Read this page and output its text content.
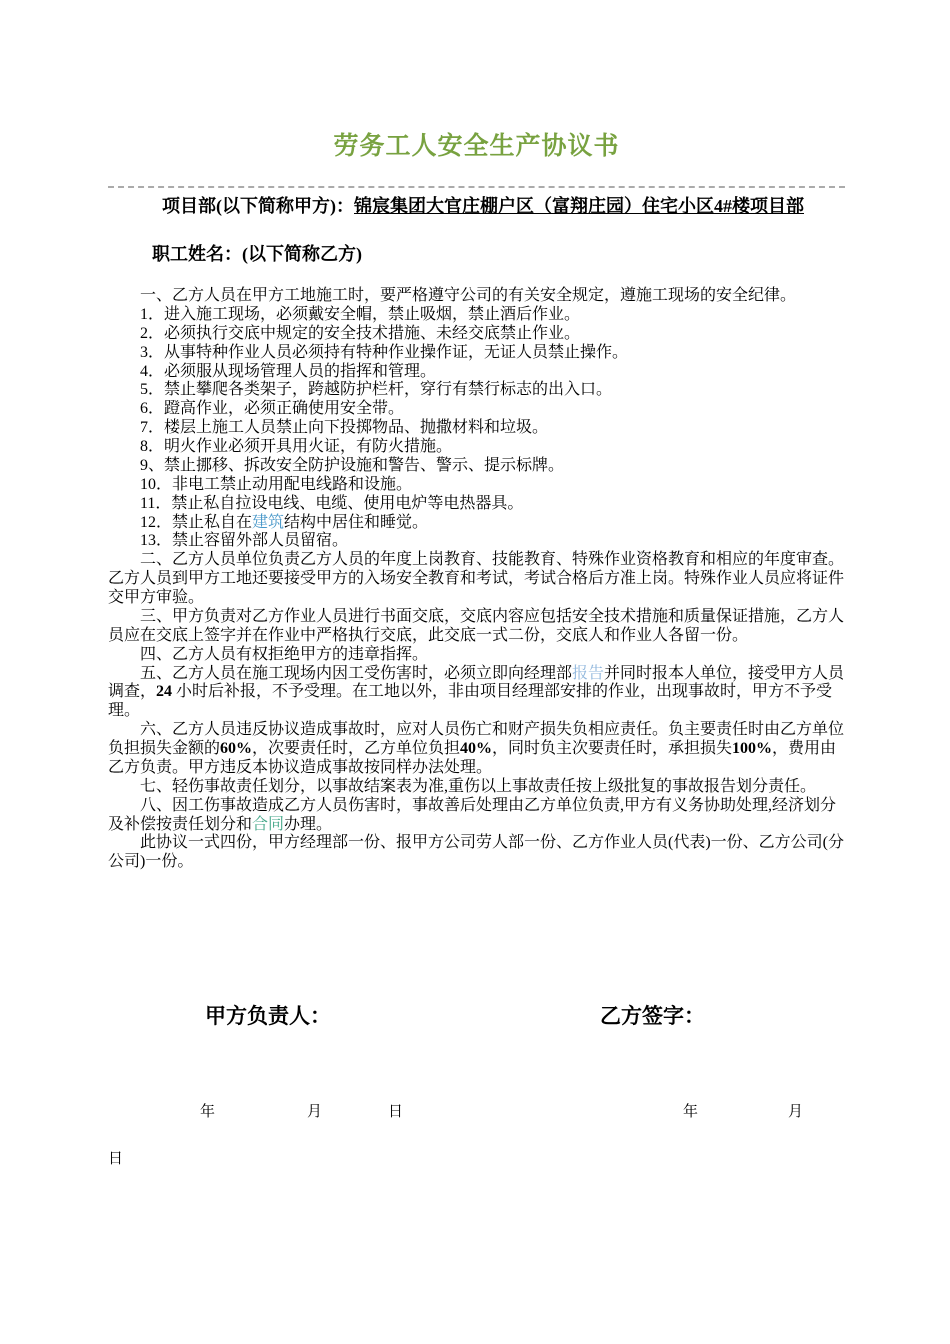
劳务工人安全生产协议书

项目部(以下简称甲方)：锦宸集团大官庄棚户区（富翔庄园）住宅小区4#楼项目部

职工姓名：(以下简称乙方)

一、乙方人员在甲方工地施工时，要严格遵守公司的有关安全规定，遵施工现场的安全纪律。

1．进入施工现场，必须戴安全帽，禁止吸烟，禁止酒后作业。

2．必须执行交底中规定的安全技术措施、未经交底禁止作业。

3．从事特种作业人员必须持有特种作业操作证，无证人员禁止操作。

4．必须服从现场管理人员的指挥和管理。

5．禁止攀爬各类架子，跨越防护栏杆，穿行有禁行标志的出入口。

6．蹬高作业，必须正确使用安全带。

7．楼层上施工人员禁止向下投掷物品、抛撒材料和垃圾。

8．明火作业必须开具用火证，有防火措施。

9、禁止挪移、拆改安全防护设施和警告、警示、提示标牌。

10．非电工禁止动用配电线路和设施。

11．禁止私自拉设电线、电缆、使用电炉等电热器具。

12．禁止私自在建筑结构中居住和睡觉。

13．禁止容留外部人员留宿。

二、乙方人员单位负责乙方人员的年度上岗教育、技能教育、特殊作业资格教育和相应的年度审查。乙方人员到甲方工地还要接受甲方的入场安全教育和考试，考试合格后方准上岗。特殊作业人员应将证件交甲方审验。

三、甲方负责对乙方作业人员进行书面交底，交底内容应包括安全技术措施和质量保证措施，乙方人员应在交底上签字并在作业中严格执行交底，此交底一式二份，交底人和作业人各留一份。

四、乙方人员有权拒绝甲方的违章指挥。

五、乙方人员在施工现场内因工受伤害时，必须立即向经理部报告并同时报本人单位，接受甲方人员调查，24 小时后补报，不予受理。在工地以外，非由项目经理部安排的作业，出现事故时，甲方不予受理。

六、乙方人员违反协议造成事故时，应对人员伤亡和财产损失负相应责任。负主要责任时由乙方单位负担损失金额的60%，次要责任时，乙方单位负担40%，同时负主次要责任时，承担损失100%，费用由乙方负责。甲方违反本协议造成事故按同样办法处理。

七、轻伤事故责任划分，以事故结案表为准,重伤以上事故责任按上级批复的事故报告划分责任。

八、因工伤事故造成乙方人员伤害时，事故善后处理由乙方单位负责,甲方有义务协助处理,经济划分及补偿按责任划分和合同办理。

此协议一式四份，甲方经理部一份、报甲方公司劳人部一份、乙方作业人员(代表)一份、乙方公司(分公司)一份。

甲方负责人：	乙方签字：
年	月	日	年	月
日
